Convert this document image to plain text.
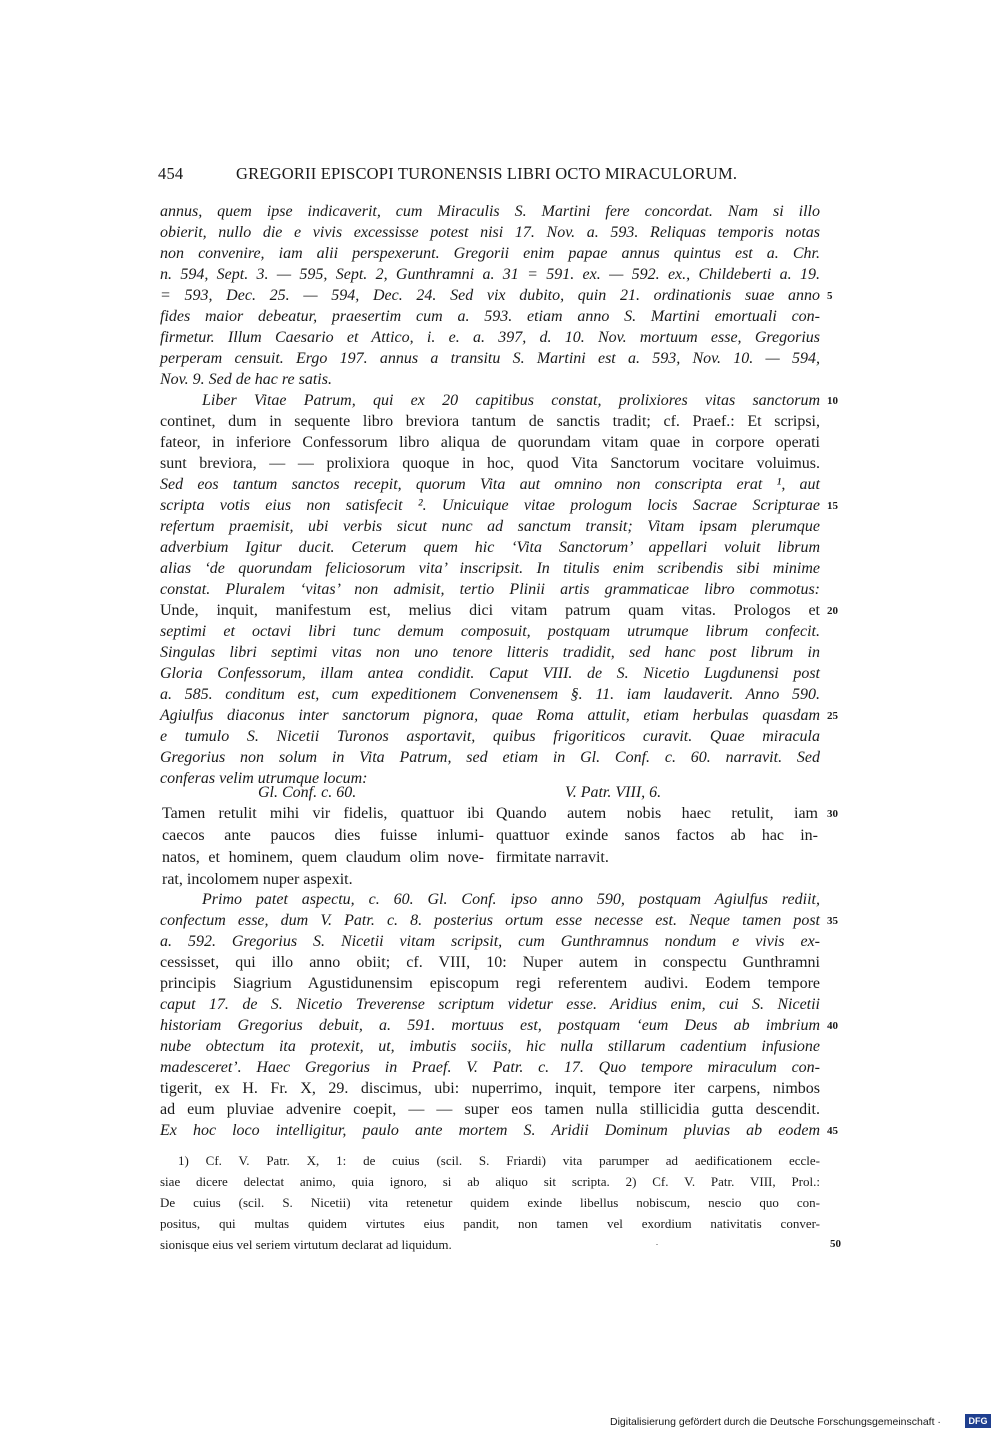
454	GREGORII EPISCOPI TURONENSIS LIBRI OCTO MIRACULORUM.
annus, quem ipse indicaverit, cum Miraculis S. Martini fere concordat. Nam si illo
obierit, nullo die e vivis excessisse potest nisi 17. Nov. a. 593. Reliquas temporis notas
non convenire, iam alii perspexerunt. Gregorii enim papae annus quintus est a. Chr.
n. 594, Sept. 3. — 595, Sept. 2, Gunthramni a. 31 = 591. ex. — 592. ex., Childeberti a. 19.
= 593, Dec. 25. — 594, Dec. 24. Sed vix dubito, quin 21. ordinationis suae anno
fides maior debeatur, praesertim cum a. 593. etiam anno S. Martini emortuali con-
firmetur. Illum Caesario et Attico, i. e. a. 397, d. 10. Nov. mortuum esse, Gregorius
perperam censuit. Ergo 197. annus a transitu S. Martini est a. 593, Nov. 10. — 594,
Nov. 9. Sed de hac re satis.
Liber Vitae Patrum, qui ex 20 capitibus constat, prolixiores vitas sanctorum
continet, dum in sequente libro breviora tantum de sanctis tradit; cf. Praef.: Et scripsi,
fateor, in inferiore Confessorum libro aliqua de quorundam vitam quae in corpore operati
sunt breviora, — — prolixiora quoque in hoc, quod Vita Sanctorum vocitare voluimus.
Sed eos tantum sanctos recepit, quorum Vita aut omnino non conscripta erat ¹, aut
scripta votis eius non satisfecit ². Unicuique vitae prologum locis Sacrae Scripturae
refertum praemisit, ubi verbis sicut nunc ad sanctum transit; Vitam ipsam plerumque
adverbium Igitur ducit. Ceterum quem hic ‘Vita Sanctorum’ appellari voluit librum
alias ‘de quorundam feliciosorum vita’ inscripsit. In titulis enim scribendis sibi minime
constat. Pluralem ‘vitas’ non admisit, tertio Plinii artis grammaticae libro commotus:
Unde, inquit, manifestum est, melius dici vitam patrum quam vitas. Prologos et
septimi et octavi libri tunc demum composuit, postquam utrumque librum confecit.
Singulas libri septimi vitas non uno tenore litteris tradidit, sed hanc post librum in
Gloria Confessorum, illam antea condidit. Caput VIII. de S. Nicetio Lugdunensi post
a. 585. conditum est, cum expeditionem Convenensem §. 11. iam laudaverit. Anno 590.
Agiulfus diaconus inter sanctorum pignora, quae Roma attulit, etiam herbulas quasdam
e tumulo S. Nicetii Turonos asportavit, quibus frigoriticos curavit. Quae miracula
Gregorius non solum in Vita Patrum, sed etiam in Gl. Conf. c. 60. narravit. Sed
conferas velim utrumque locum:
Gl. Conf. c. 60.	V. Patr. VIII, 6.
Tamen retulit mihi vir fidelis, quattuor ibi
caecos ante paucos dies fuisse inlumi-
natos, et hominem, quem claudum olim nove-
rat, incolomem nuper aspexit.
Quando autem nobis haec retulit, iam
quattuor exinde sanos factos ab hac in-
firmitate narravit.
Primo patet aspectu, c. 60. Gl. Conf. ipso anno 590, postquam Agiulfus rediit,
confectum esse, dum V. Patr. c. 8. posterius ortum esse necesse est. Neque tamen post
a. 592. Gregorius S. Nicetii vitam scripsit, cum Gunthramnus nondum e vivis ex-
cessisset, qui illo anno obiit; cf. VIII, 10: Nuper autem in conspectu Gunthramni
principis Siagrium Agustidunensim episcopum regi referentem audivi. Eodem tempore
caput 17. de S. Nicetio Treverense scriptum videtur esse. Aridius enim, cui S. Nicetii
historiam Gregorius debuit, a. 591. mortuus est, postquam ‘eum Deus ab imbrium
nube obtectum ita protexit, ut, imbutis sociis, hic nulla stillarum cadentium infusione
madesceret’. Haec Gregorius in Praef. V. Patr. c. 17. Quo tempore miraculum con-
tigerit, ex H. Fr. X, 29. discimus, ubi: nuperrimo, inquit, tempore iter carpens, nimbos
ad eum pluviae advenire coepit, — — super eos tamen nulla stillicidia gutta descendit.
Ex hoc loco intelligitur, paulo ante mortem S. Aridii Dominum pluvias ab eodem
5
10
15
20
25
30
35
40
45
1) Cf. V. Patr. X, 1: de cuius (scil. S. Friardi) vita parumper ad aedificationem eccle-
siae dicere delectat animo, quia ignoro, si ab aliquo sit scripta. 2) Cf. V. Patr. VIII, Prol.:
De cuius (scil. S. Nicetii) vita retenetur quidem exinde libellus nobiscum, nescio quo con-
positus, qui multas quidem virtutes eius pandit, non tamen vel exordium nativitatis conver-
sionisque eius vel seriem virtutum declarat ad liquidum.	50
Digitalisierung gefördert durch die Deutsche Forschungsgemeinschaft ·	DFG
